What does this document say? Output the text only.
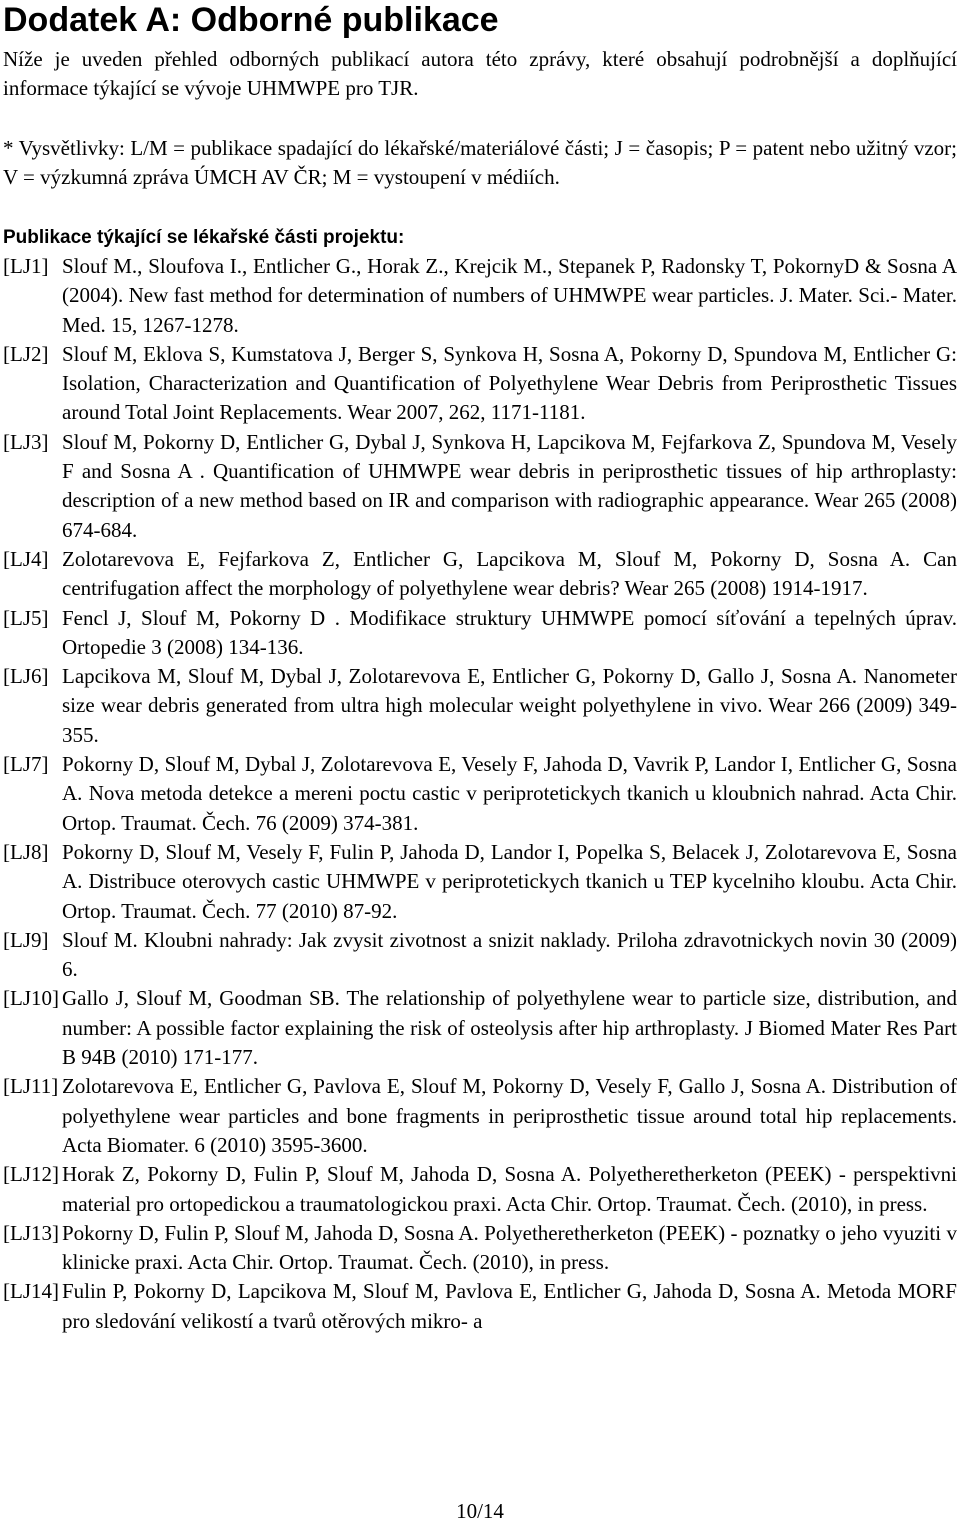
Dodatek A: Odborné publikace

Níže je uveden přehled odborných publikací autora této zprávy, které obsahují podrobnější a doplňující informace týkající se vývoje UHMWPE pro TJR.

* Vysvětlivky: L/M = publikace spadající do lékařské/materiálové části; J = časopis; P = patent nebo užitný vzor; V = výzkumná zpráva ÚMCH AV ČR; M = vystoupení v médiích.

Publikace týkající se lékařské části projektu:
[LJ1] Slouf M., Sloufova I., Entlicher G., Horak Z., Krejcik M., Stepanek P, Radonsky T, PokornyD & Sosna A (2004). New fast method for determination of numbers of UHMWPE wear particles. J. Mater. Sci.- Mater. Med. 15, 1267-1278.
[LJ2] Slouf M, Eklova S, Kumstatova J, Berger S, Synkova H, Sosna A, Pokorny D, Spundova M, Entlicher G: Isolation, Characterization and Quantification of Polyethylene Wear Debris from Periprosthetic Tissues around Total Joint Replacements. Wear 2007, 262, 1171-1181.
[LJ3] Slouf M, Pokorny D, Entlicher G, Dybal J, Synkova H, Lapcikova M, Fejfarkova Z, Spundova M, Vesely F and Sosna A . Quantification of UHMWPE wear debris in periprosthetic tissues of hip arthroplasty: description of a new method based on IR and comparison with radiographic appearance. Wear 265 (2008) 674-684.
[LJ4] Zolotarevova E, Fejfarkova Z, Entlicher G, Lapcikova M, Slouf M, Pokorny D, Sosna A. Can centrifugation affect the morphology of polyethylene wear debris? Wear 265 (2008) 1914-1917.
[LJ5] Fencl J, Slouf M, Pokorny D . Modifikace struktury UHMWPE pomocí síťování a tepelných úprav. Ortopedie 3 (2008) 134-136.
[LJ6] Lapcikova M, Slouf M, Dybal J, Zolotarevova E, Entlicher G, Pokorny D, Gallo J, Sosna A. Nanometer size wear debris generated from ultra high molecular weight polyethylene in vivo. Wear 266 (2009) 349-355.
[LJ7] Pokorny D, Slouf M, Dybal J, Zolotarevova E, Vesely F, Jahoda D, Vavrik P, Landor I, Entlicher G, Sosna A. Nova metoda detekce a mereni poctu castic v periprotetickych tkanich u kloubnich nahrad. Acta Chir. Ortop. Traumat. Čech. 76 (2009) 374-381.
[LJ8] Pokorny D, Slouf M, Vesely F, Fulin P, Jahoda D, Landor I, Popelka S, Belacek J, Zolotarevova E, Sosna A. Distribuce oterovych castic UHMWPE v periprotetickych tkanich u TEP kycelniho kloubu. Acta Chir. Ortop. Traumat. Čech. 77 (2010) 87-92.
[LJ9] Slouf M. Kloubni nahrady: Jak zvysit zivotnost a snizit naklady. Priloha zdravotnickych novin 30 (2009) 6.
[LJ10] Gallo J, Slouf M, Goodman SB. The relationship of polyethylene wear to particle size, distribution, and number: A possible factor explaining the risk of osteolysis after hip arthroplasty. J Biomed Mater Res Part B 94B (2010) 171-177.
[LJ11] Zolotarevova E, Entlicher G, Pavlova E, Slouf M, Pokorny D, Vesely F, Gallo J, Sosna A. Distribution of polyethylene wear particles and bone fragments in periprosthetic tissue around total hip replacements. Acta Biomater. 6 (2010) 3595-3600.
[LJ12] Horak Z, Pokorny D, Fulin P, Slouf M, Jahoda D, Sosna A. Polyetheretherketon (PEEK) - perspektivni material pro ortopedickou a traumatologickou praxi. Acta Chir. Ortop. Traumat. Čech. (2010), in press.
[LJ13] Pokorny D, Fulin P, Slouf M, Jahoda D, Sosna A. Polyetheretherketon (PEEK) - poznatky o jeho vyuziti v klinicke praxi. Acta Chir. Ortop. Traumat. Čech. (2010), in press.
[LJ14] Fulin P, Pokorny D, Lapcikova M, Slouf M, Pavlova E, Entlicher G, Jahoda D, Sosna A. Metoda MORF pro sledování velikostí a tvarů otěrových mikro- a
10/14
